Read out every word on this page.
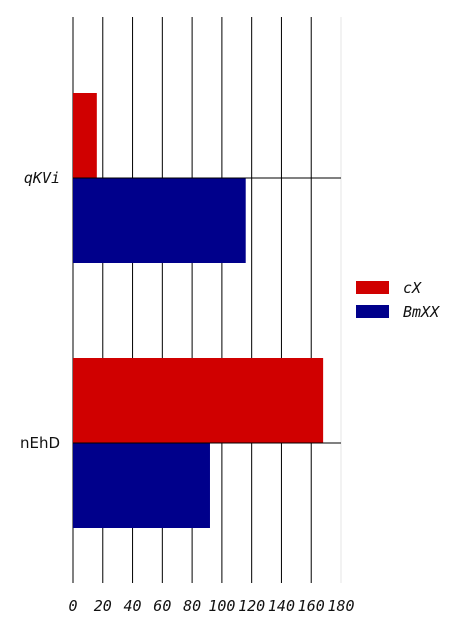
0 20 40 60 80 100 120 140 160 180
qKVi
nEhD
cX
BmXX
